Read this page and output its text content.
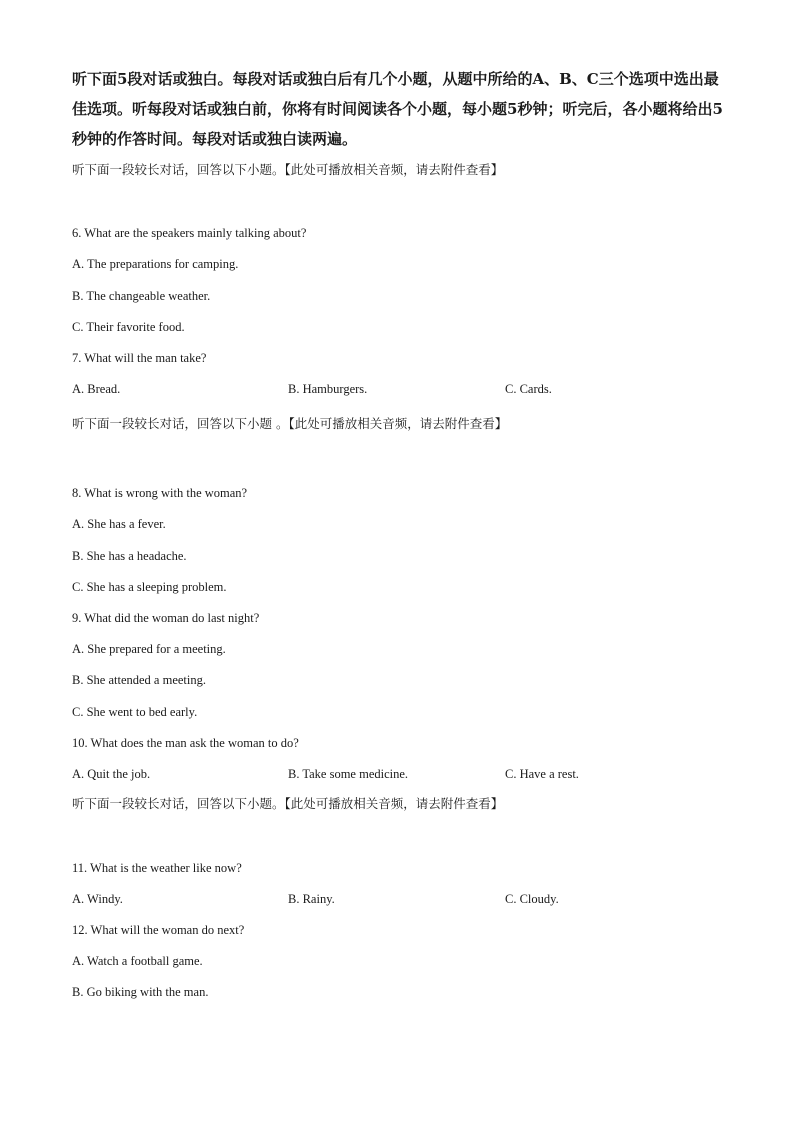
听下面5段对话或独白。每段对话或独白后有几个小题，从题中所给的A、B、C三个选项中选出最佳选项。听每段对话或独白前，你将有时间阅读各个小题，每小题5秒钟；听完后，各小题将给出5秒钟的作答时间。每段对话或独白读两遍。

听下面一段较长对话，回答以下小题。【此处可播放相关音频，请去附件查看】
6. What are the speakers mainly talking about?
A. The preparations for camping.
B. The changeable weather.
C. Their favorite food.
7. What will the man take?
A. Bread.	B. Hamburgers.	C. Cards.
听下面一段较长对话，回答以下小题 。【此处可播放相关音频，请去附件查看】
8. What is wrong with the woman?
A. She has a fever.
B. She has a headache.
C. She has a sleeping problem.
9. What did the woman do last night?
A. She prepared for a meeting.
B. She attended a meeting.
C. She went to bed early.
10. What does the man ask the woman to do?
A. Quit the job.	B. Take some medicine.	C. Have a rest.
听下面一段较长对话，回答以下小题。【此处可播放相关音频，请去附件查看】
11. What is the weather like now?
A. Windy.	B. Rainy.	C. Cloudy.
12. What will the woman do next?
A. Watch a football game.
B. Go biking with the man.
